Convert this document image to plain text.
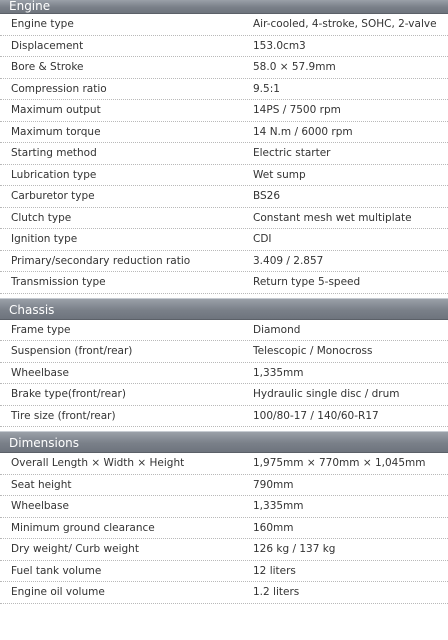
Engine
Engine type	Air-cooled, 4-stroke, SOHC, 2-valve
Displacement	153.0cm3
Bore & Stroke	58.0 × 57.9mm
Compression ratio	9.5:1
Maximum output	14PS / 7500 rpm
Maximum torque	14 N.m / 6000 rpm
Starting method	Electric starter
Lubrication type	Wet sump
Carburetor type	BS26
Clutch type	Constant mesh wet multiplate
Ignition type	CDI
Primary/secondary reduction ratio	3.409 / 2.857
Transmission type	Return type 5-speed
Chassis
Frame type	Diamond
Suspension (front/rear)	Telescopic / Monocross
Wheelbase	1,335mm
Brake type(front/rear)	Hydraulic single disc / drum
Tire size (front/rear)	100/80-17 / 140/60-R17
Dimensions
Overall Length × Width × Height	1,975mm × 770mm × 1,045mm
Seat height	790mm
Wheelbase	1,335mm
Minimum ground clearance	160mm
Dry weight/ Curb weight	126 kg / 137 kg
Fuel tank volume	12 liters
Engine oil volume	1.2 liters
